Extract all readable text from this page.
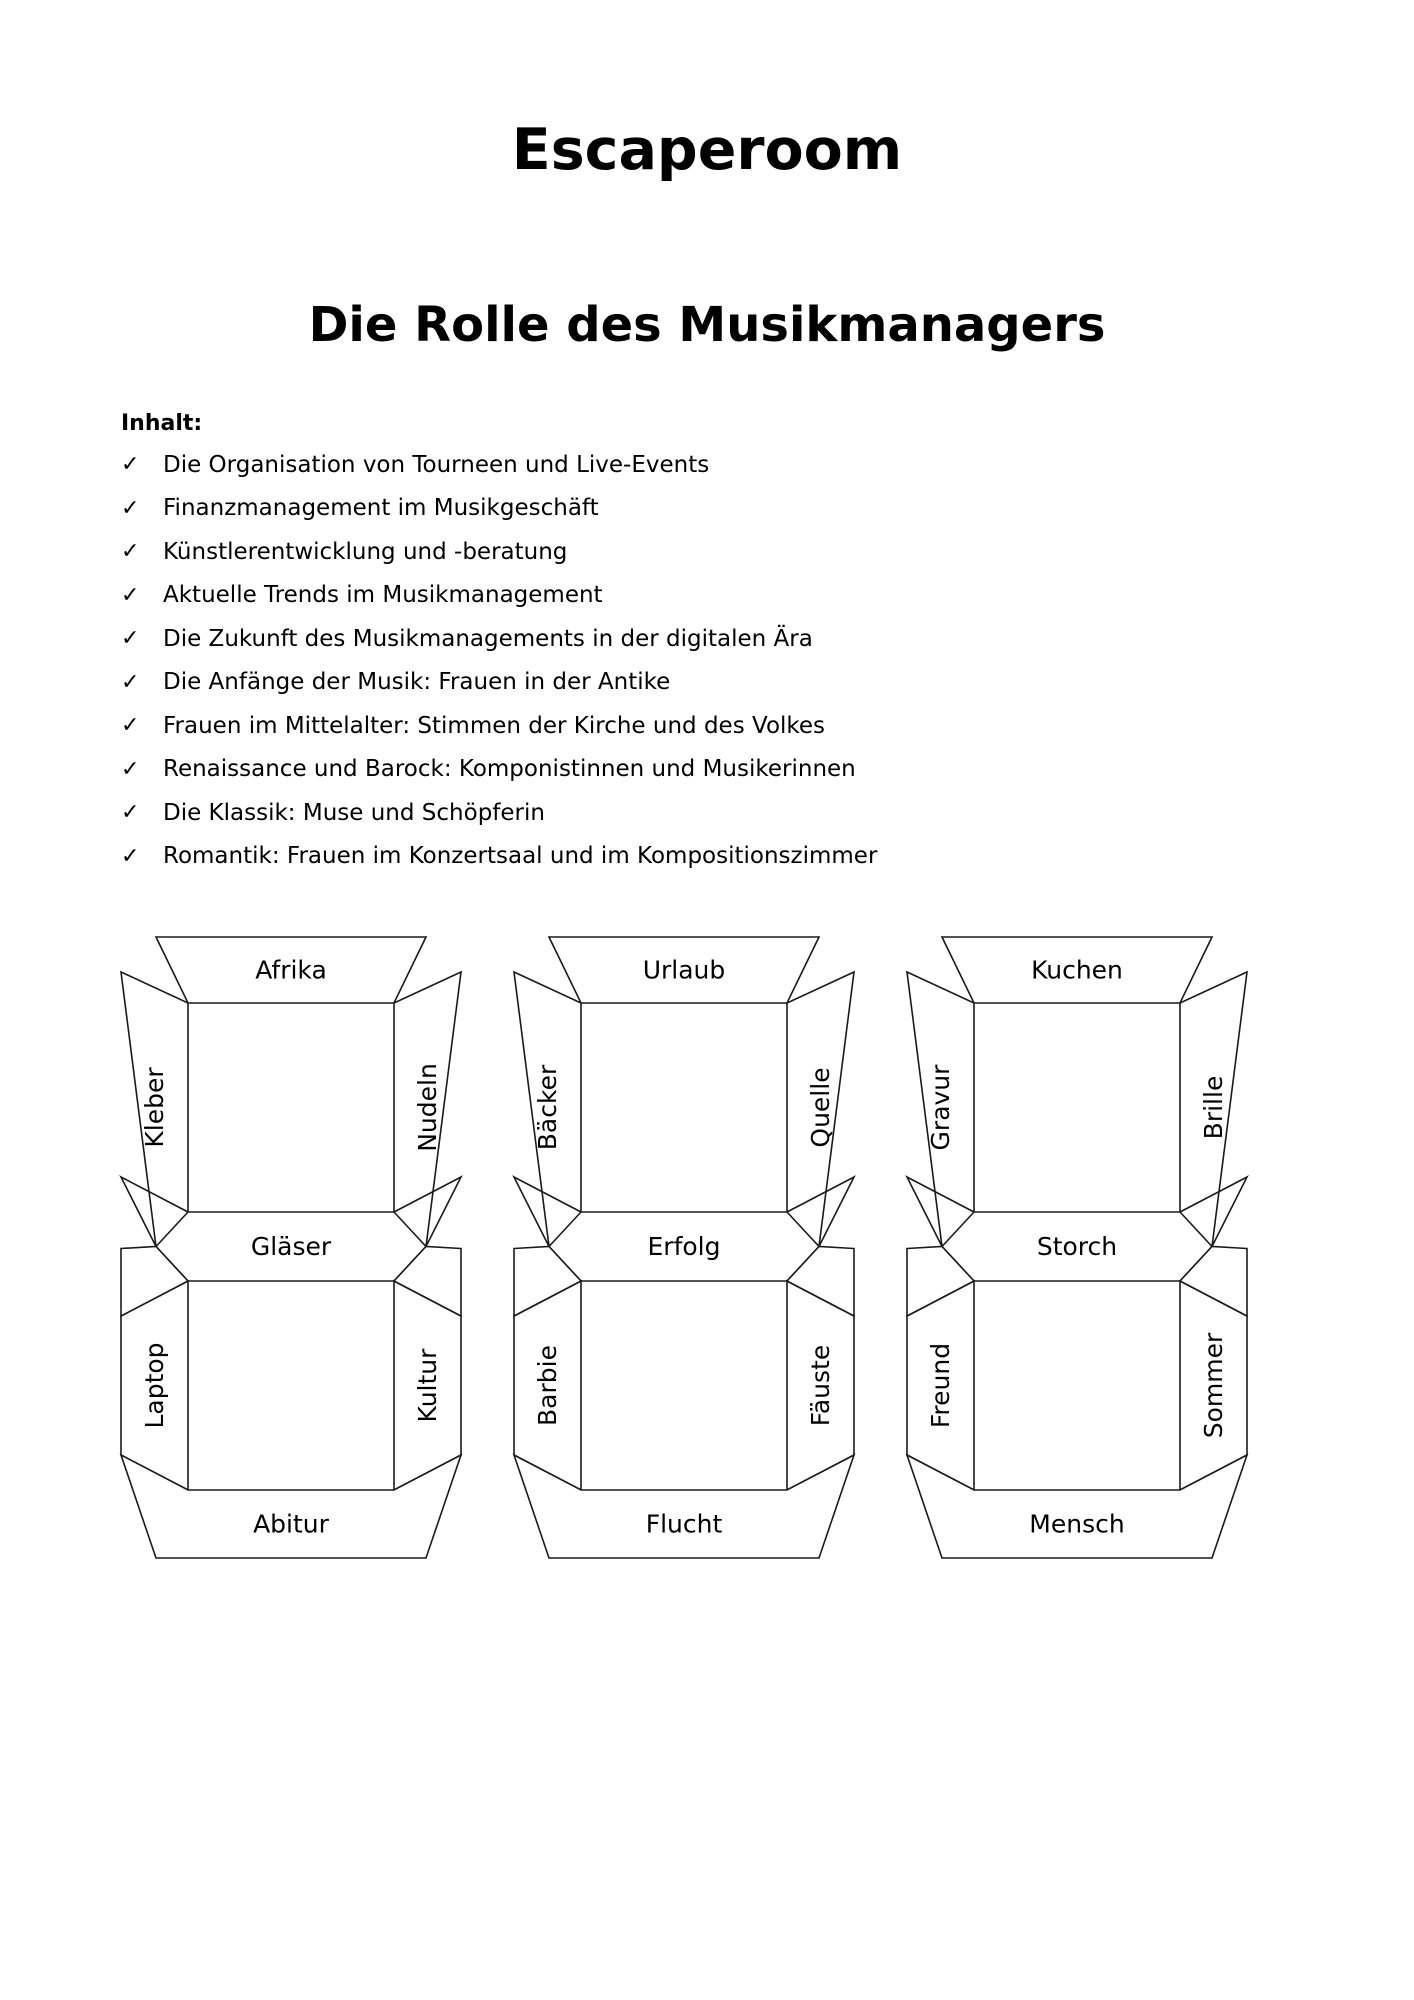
Escaperoom
Die Rolle des Musikmanagers
Inhalt:
✓	Die Organisation von Tourneen und Live-Events
✓	Finanzmanagement im Musikgeschäft
✓	Künstlerentwicklung und -beratung
✓	Aktuelle Trends im Musikmanagement
✓	Die Zukunft des Musikmanagements in der digitalen Ära
✓	Die Anfänge der Musik: Frauen in der Antike
✓	Frauen im Mittelalter: Stimmen der Kirche und des Volkes
✓	Renaissance und Barock: Komponistinnen und Musikerinnen
✓	Die Klassik: Muse und Schöpferin
✓	Romantik: Frauen im Konzertsaal und im Kompositionszimmer
Afrika
Kleber	Nudeln
Gläser
Laptop	Kultur
Abitur
Urlaub
Bäcker	Quelle
Erfolg
Barbie	Fäuste
Flucht
Kuchen
Gravur	Brille
Storch
Freund	Sommer
Mensch
